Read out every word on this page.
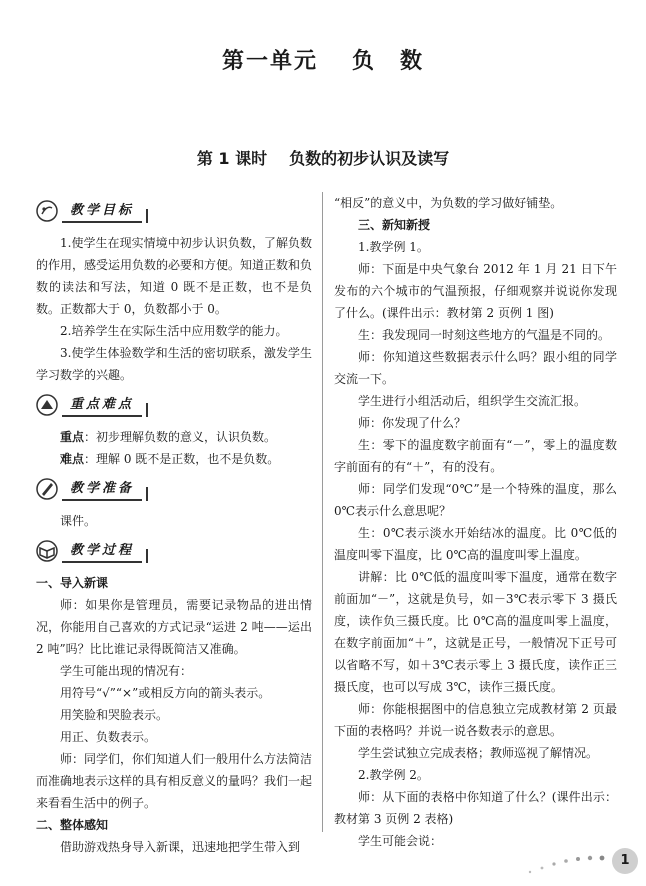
第一单元 负　数
第 1 课时 负数的初步认识及读写
教学目标

1.使学生在现实情境中初步认识负数，了解负数的作用，感受运用负数的必要和方便。知道正数和负数的读法和写法，知道 0 既不是正数，也不是负数。正数都大于 0，负数都小于 0。

2.培养学生在实际生活中应用数学的能力。

3.使学生体验数学和生活的密切联系，激发学生学习数学的兴趣。

重点难点

重点：初步理解负数的意义，认识负数。

难点：理解 0 既不是正数，也不是负数。

教学准备

课件。

教学过程

一、导入新课

师：如果你是管理员，需要记录物品的进出情况，你能用自己喜欢的方式记录“运进 2 吨——运出 2 吨”吗？比比谁记录得既简洁又准确。

学生可能出现的情况有：

用符号“√”“×”或相反方向的箭头表示。

用笑脸和哭脸表示。

用正、负数表示。

师：同学们，你们知道人们一般用什么方法简洁而准确地表示这样的具有相反意义的量吗？我们一起来看看生活中的例子。

二、整体感知

借助游戏热身导入新课，迅速地把学生带入到

“相反”的意义中，为负数的学习做好铺垫。

三、新知新授

1.教学例 1。

师：下面是中央气象台 2012 年 1 月 21 日下午发布的六个城市的气温预报，仔细观察并说说你发现了什么。(课件出示：教材第 2 页例 1 图)

生：我发现同一时刻这些地方的气温是不同的。

师：你知道这些数据表示什么吗？跟小组的同学交流一下。

学生进行小组活动后，组织学生交流汇报。

师：你发现了什么？

生：零下的温度数字前面有“－”，零上的温度数字前面有的有“＋”，有的没有。

师：同学们发现“0℃”是一个特殊的温度，那么 0℃表示什么意思呢？

生：0℃表示淡水开始结冰的温度。比 0℃低的温度叫零下温度，比 0℃高的温度叫零上温度。

讲解：比 0℃低的温度叫零下温度，通常在数字前面加“－”，这就是负号，如－3℃表示零下 3 摄氏度，读作负三摄氏度。比 0℃高的温度叫零上温度，在数字前面加“＋”，这就是正号，一般情况下正号可以省略不写，如＋3℃表示零上 3 摄氏度，读作正三摄氏度，也可以写成 3℃，读作三摄氏度。

师：你能根据图中的信息独立完成教材第 2 页最下面的表格吗？并说一说各数表示的意思。

学生尝试独立完成表格；教师巡视了解情况。

2.教学例 2。

师：从下面的表格中你知道了什么？(课件出示：教材第 3 页例 2 表格)

学生可能会说：

1
